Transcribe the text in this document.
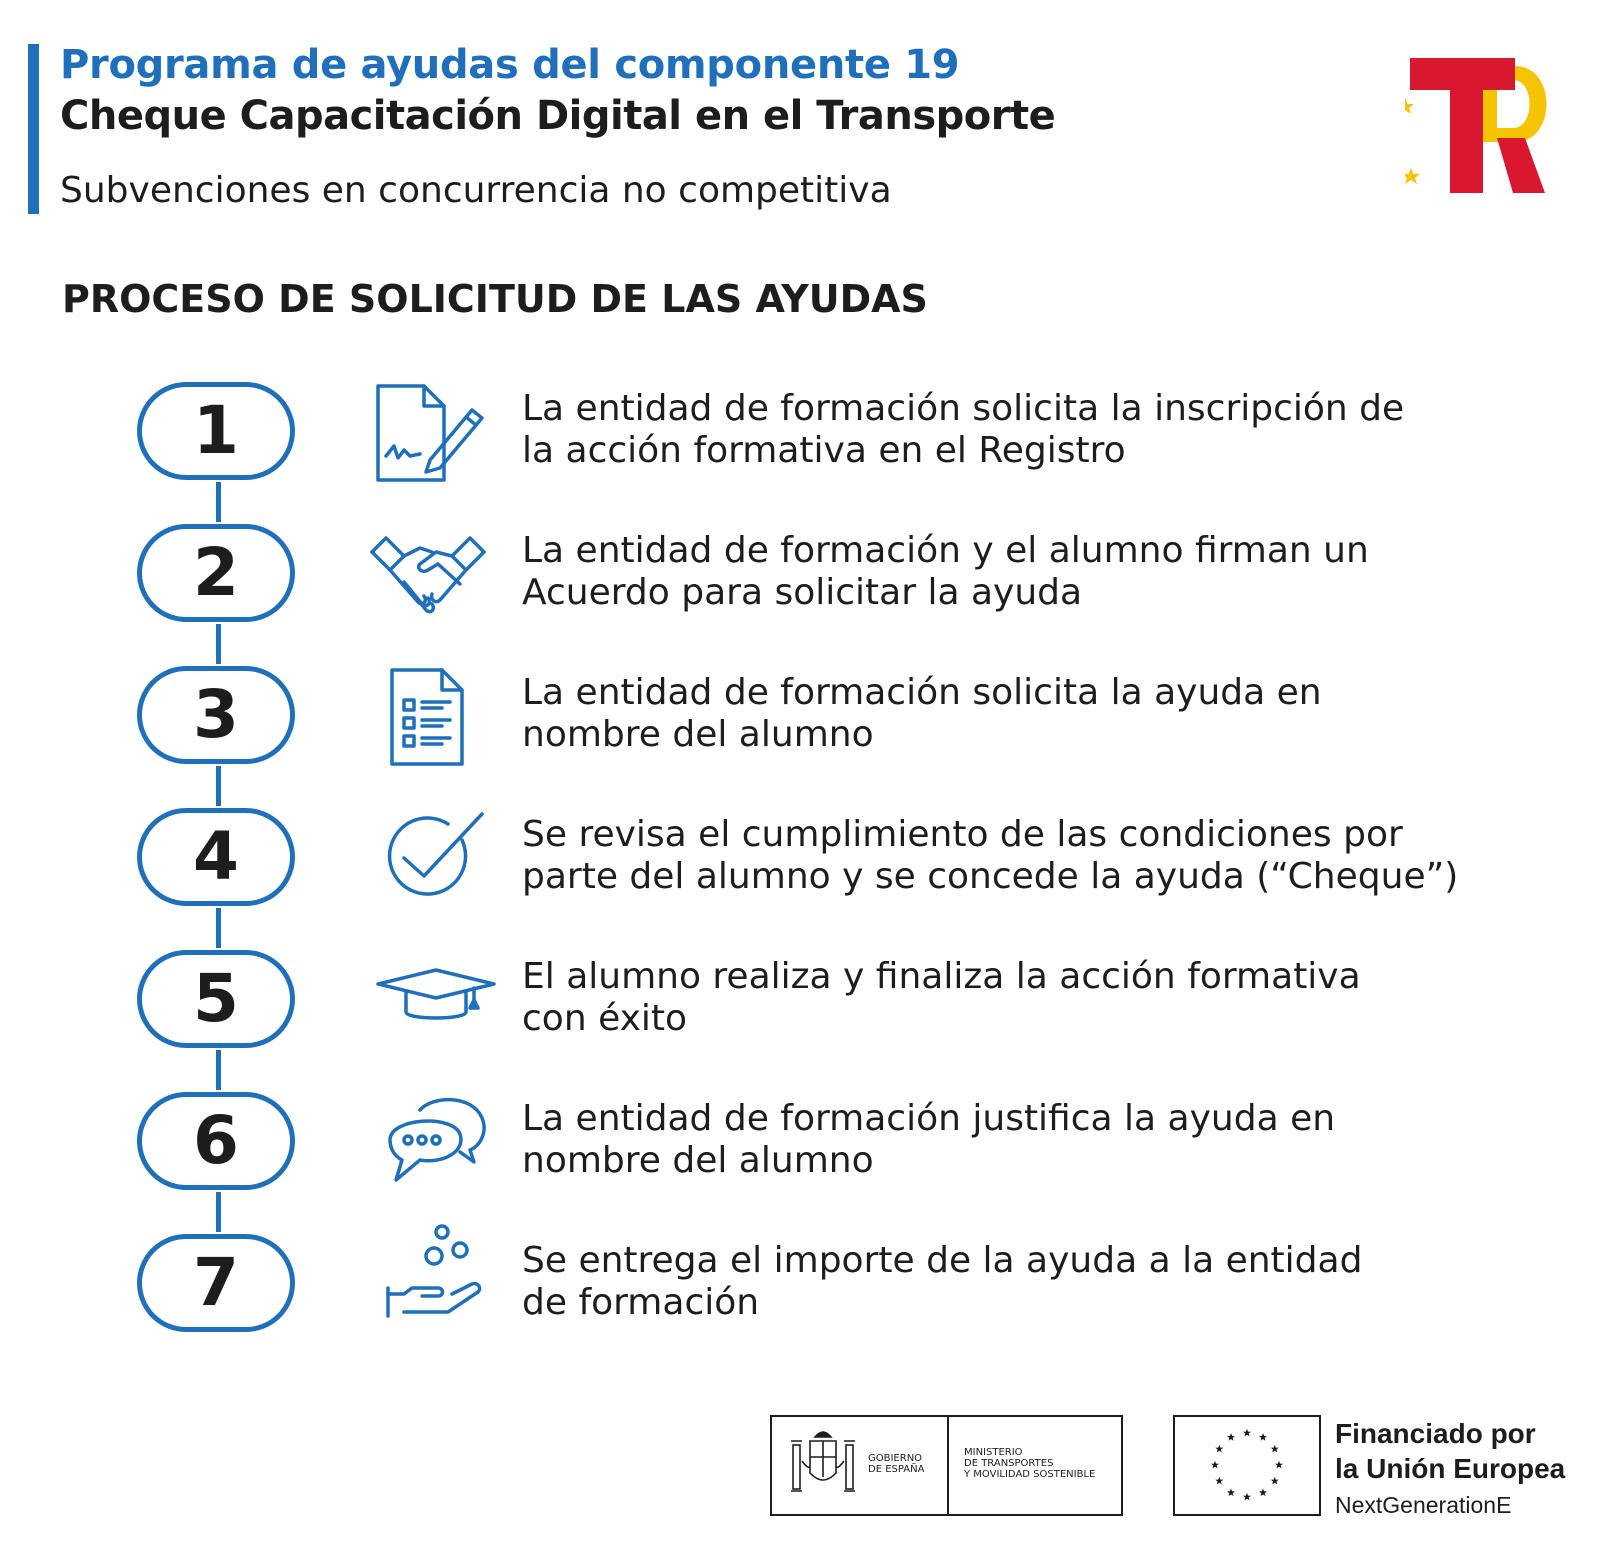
Programa de ayudas del componente 19
Cheque Capacitación Digital en el Transporte
Subvenciones en concurrencia no competitiva
PROCESO DE SOLICITUD DE LAS AYUDAS
1	La entidad de formación solicita la inscripción de
la acción formativa en el Registro
2	La entidad de formación y el alumno firman un
Acuerdo para solicitar la ayuda
3	La entidad de formación solicita la ayuda en
nombre del alumno
4	Se revisa el cumplimiento de las condiciones por
parte del alumno y se concede la ayuda (“Cheque”)
5	El alumno realiza y finaliza la acción formativa
con éxito
6	La entidad de formación justifica la ayuda en
nombre del alumno
7	Se entrega el importe de la ayuda a la entidad
de formación
GOBIERNO
DE ESPAÑA
MINISTERIO
DE TRANSPORTES
Y MOVILIDAD SOSTENIBLE
Financiado por
la Unión Europea
NextGenerationE
